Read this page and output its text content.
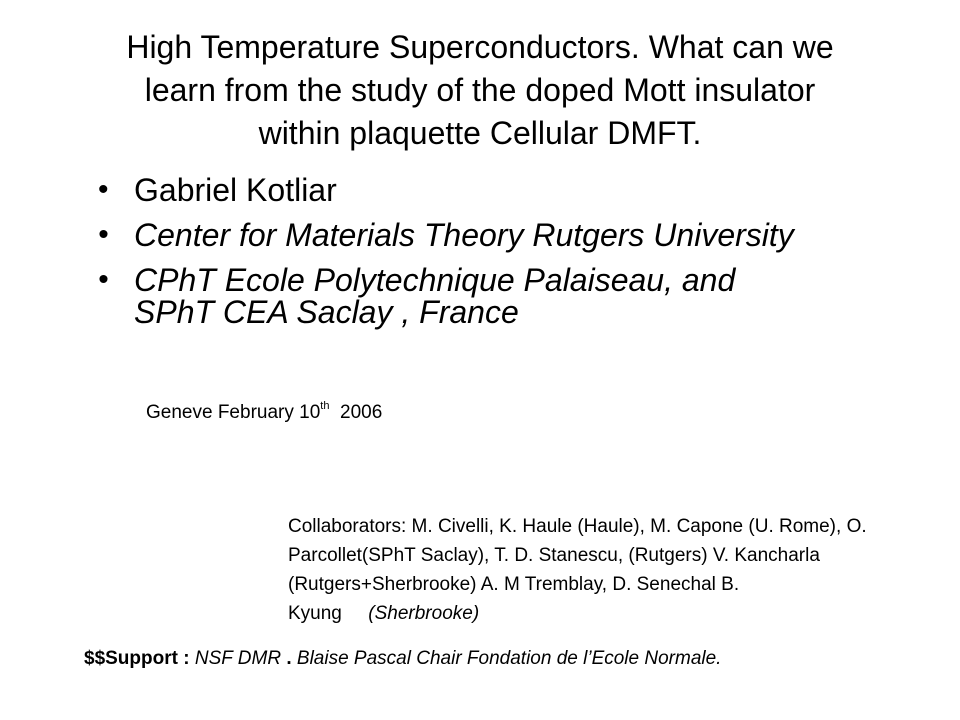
High Temperature Superconductors. What can we
learn from the study of the doped Mott insulator
within plaquette Cellular DMFT.
• Gabriel Kotliar
• Center for Materials Theory Rutgers University
• CPhT Ecole Polytechnique Palaiseau, and
SPhT CEA Saclay , France
Geneve February 10th 2006
Collaborators: M. Civelli, K. Haule (Haule), M. Capone (U. Rome), O. Parcollet(SPhT Saclay), T. D. Stanescu, (Rutgers) V. Kancharla (Rutgers+Sherbrooke) A. M Tremblay, D. Senechal B. Kyung (Sherbrooke)
$$Support : NSF DMR . Blaise Pascal Chair Fondation de l’Ecole Normale.
